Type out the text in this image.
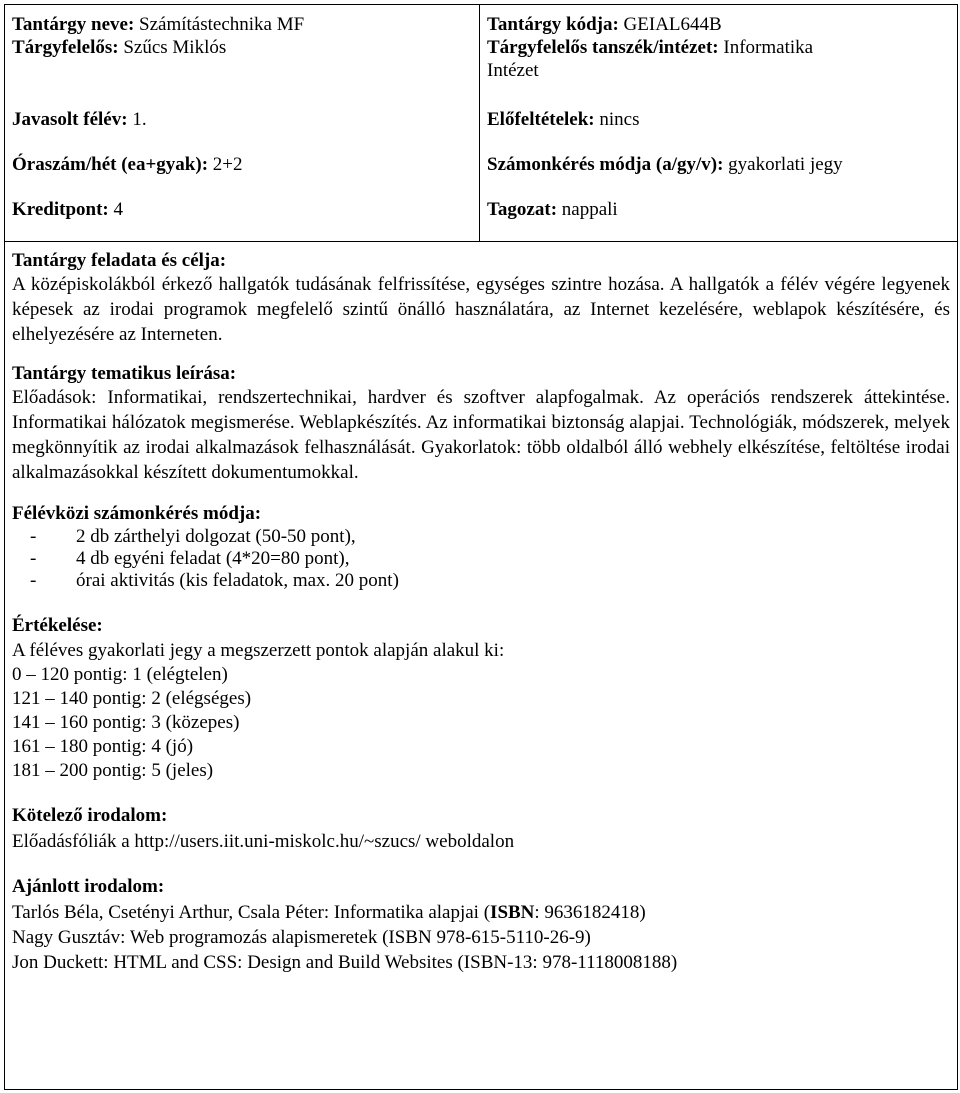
Tantárgy neve: Számítástechnika MF
Tárgyfelelős: Szűcs Miklós
Javasolt félév: 1.
Óraszám/hét (ea+gyak): 2+2
Kreditpont: 4
Tantárgy kódja: GEIAL644B
Tárgyfelelős tanszék/intézet: Informatika
Intézet
Előfeltételek: nincs
Számonkérés módja (a/gy/v): gyakorlati jegy
Tagozat: nappali
Tantárgy feladata és célja:
A középiskolákból érkező hallgatók tudásának felfrissítése, egységes szintre hozása. A hallgatók a félév végére legyenek képesek az irodai programok megfelelő szintű önálló használatára, az Internet kezelésére, weblapok készítésére, és elhelyezésére az Interneten.
Tantárgy tematikus leírása:
Előadások: Informatikai, rendszertechnikai, hardver és szoftver alapfogalmak. Az operációs rendszerek áttekintése. Informatikai hálózatok megismerése. Weblapkészítés. Az informatikai biztonság alapjai. Technológiák, módszerek, melyek megkönnyítik az irodai alkalmazások felhasználását. Gyakorlatok: több oldalból álló webhely elkészítése, feltöltése irodai alkalmazásokkal készített dokumentumokkal.
Félévközi számonkérés módja:
-	2 db zárthelyi dolgozat (50-50 pont),
-	4 db egyéni feladat (4*20=80 pont),
-	órai aktivitás (kis feladatok, max. 20 pont)
Értékelése:
A féléves gyakorlati jegy a megszerzett pontok alapján alakul ki:
0 – 120 pontig: 1 (elégtelen)
121 – 140 pontig: 2 (elégséges)
141 – 160 pontig: 3 (közepes)
161 – 180 pontig: 4 (jó)
181 – 200 pontig: 5 (jeles)
Kötelező irodalom:
Előadásfóliák a http://users.iit.uni-miskolc.hu/~szucs/ weboldalon
Ajánlott irodalom:
Tarlós Béla, Csetényi Arthur, Csala Péter: Informatika alapjai (ISBN: 9636182418)
Nagy Gusztáv: Web programozás alapismeretek (ISBN 978-615-5110-26-9)
Jon Duckett: HTML and CSS: Design and Build Websites (ISBN-13: 978-1118008188)
